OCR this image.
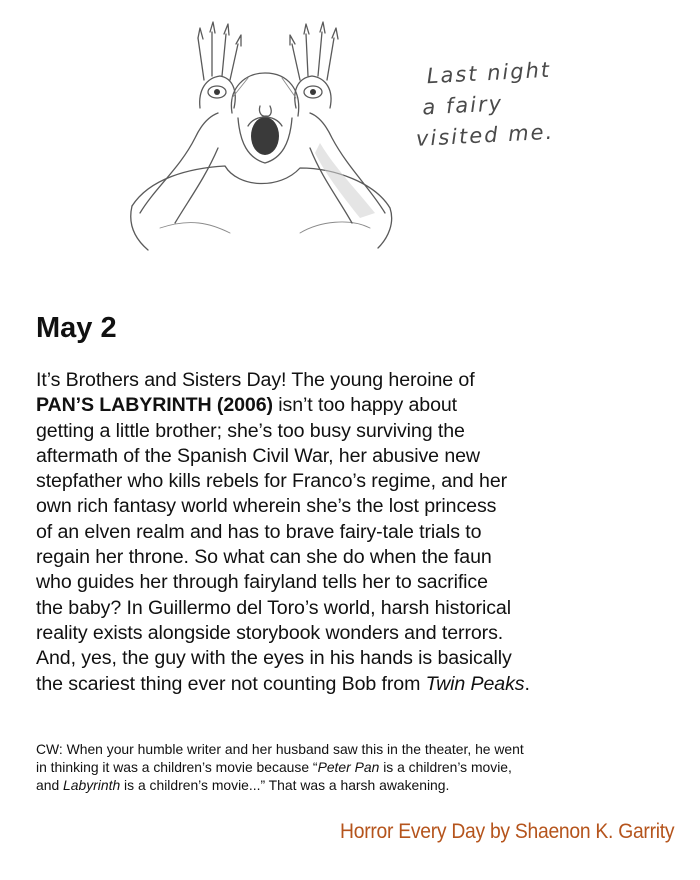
Last night
a fairy
visited me.
May 2
It’s Brothers and Sisters Day! The young heroine of
PAN’S LABYRINTH (2006) isn’t too happy about
getting a little brother; she’s too busy surviving the
aftermath of the Spanish Civil War, her abusive new
stepfather who kills rebels for Franco’s regime, and her
own rich fantasy world wherein she’s the lost princess
of an elven realm and has to brave fairy-tale trials to
regain her throne. So what can she do when the faun
who guides her through fairyland tells her to sacrifice
the baby? In Guillermo del Toro’s world, harsh historical
reality exists alongside storybook wonders and terrors.
And, yes, the guy with the eyes in his hands is basically
the scariest thing ever not counting Bob from Twin Peaks.
CW: When your humble writer and her husband saw this in the theater, he went
in thinking it was a children’s movie because “Peter Pan is a children’s movie,
and Labyrinth is a children’s movie...” That was a harsh awakening.
Horror Every Day by Shaenon K. Garrity
